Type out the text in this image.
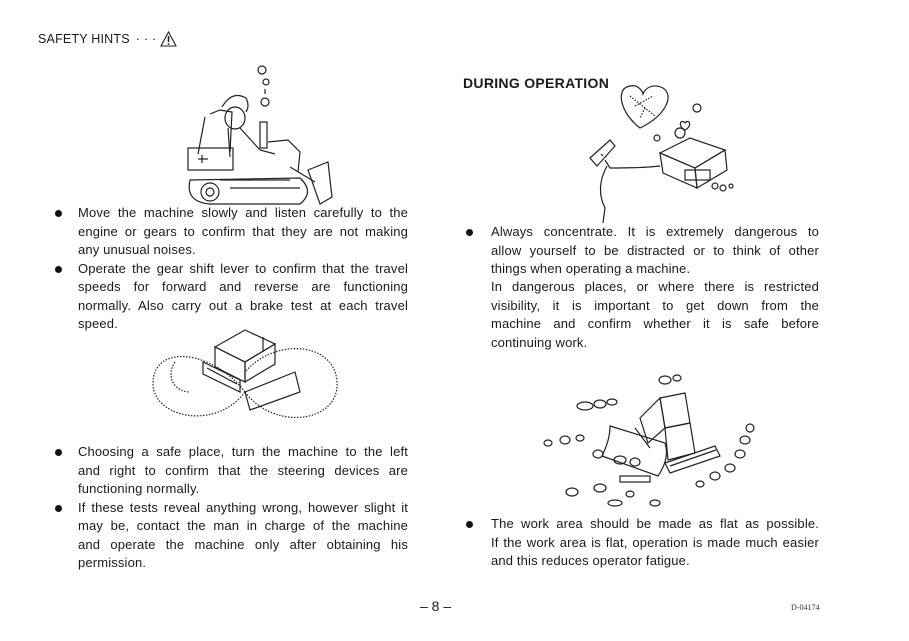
SAFETY HINTS · · ·
Move the machine slowly and listen carefully to the
engine or gears to confirm that they are not making
any unusual noises.
Operate the gear shift lever to confirm that the travel
speeds for forward and reverse are functioning
normally. Also carry out a brake test at each travel
speed.
Choosing a safe place, turn the machine to the left
and right to confirm that the steering devices are
functioning normally.
If these tests reveal anything wrong, however slight it
may be, contact the man in charge of the machine
and operate the machine only after obtaining his
permission.
DURING OPERATION
Always concentrate. It is extremely dangerous to
allow yourself to be distracted or to think of other
things when operating a machine.
In dangerous places, or where there is restricted
visibility, it is important to get down from the
machine and confirm whether it is safe before
continuing work.
The work area should be made as flat as possible.
If the work area is flat, operation is made much easier
and this reduces operator fatigue.
– 8 –	D-04174
